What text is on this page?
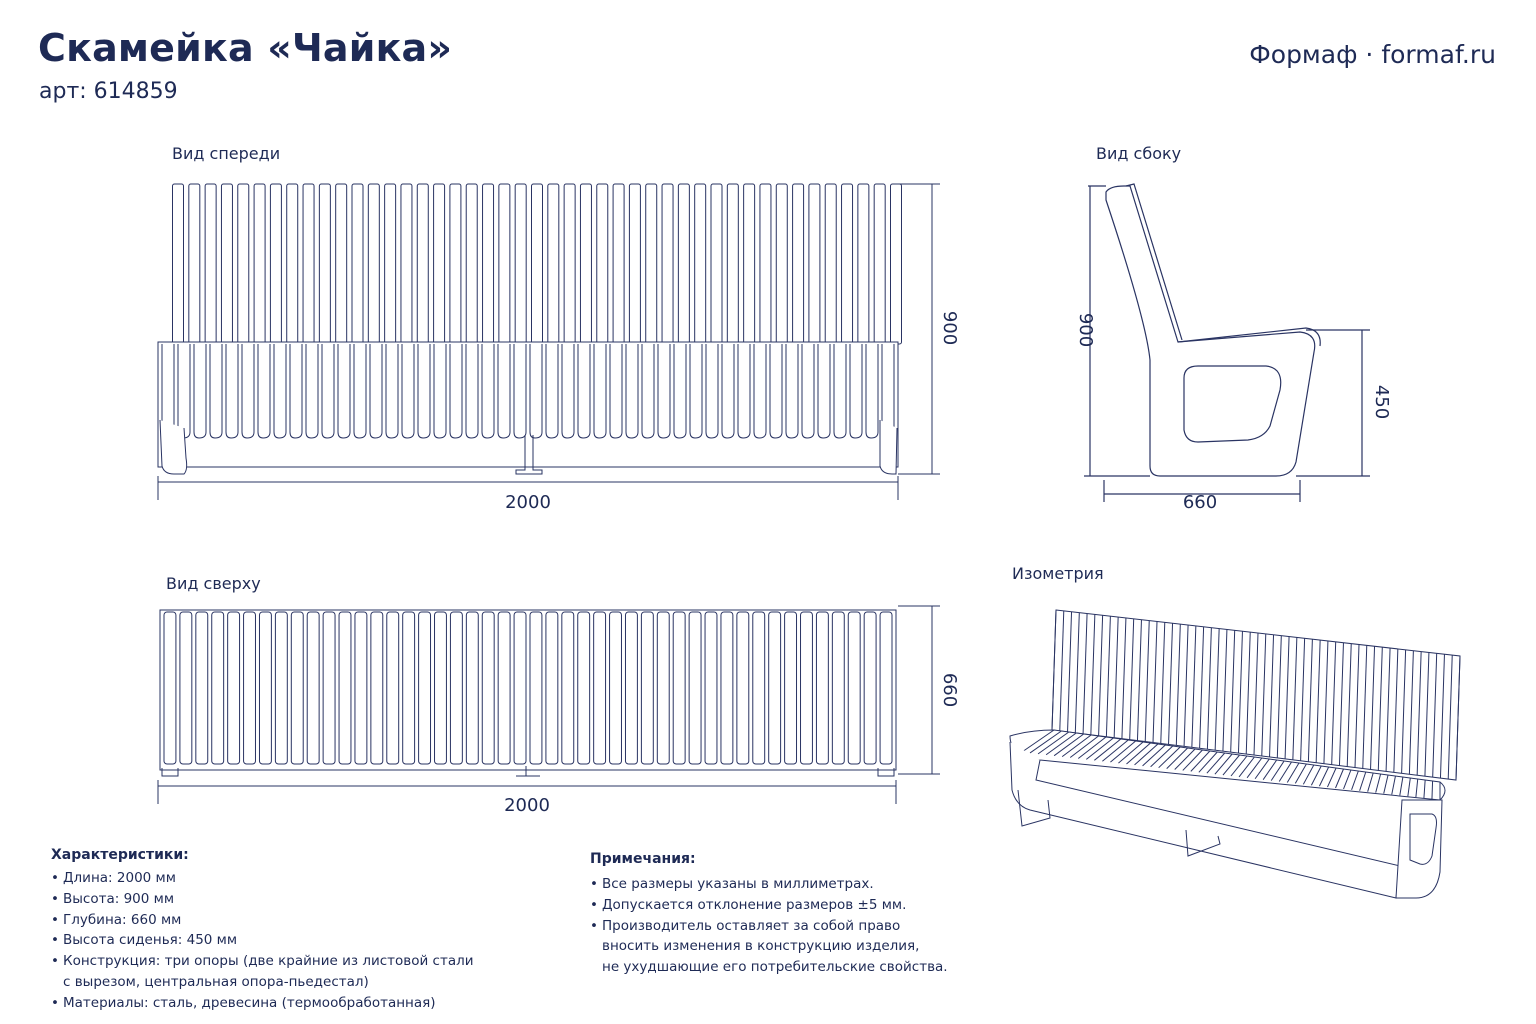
Скамейка «Чайка»
арт: 614859
Формаф · formaf.ru
Вид спереди	Вид сбоку
Вид сверху
Изометрия
2000
900	900
450
660
2000
660
Характеристики:
• Длина: 2000 мм
• Высота: 900 мм
• Глубина: 660 мм
• Высота сиденья: 450 мм
• Конструкция: три опоры (две крайние из листовой стали
с вырезом, центральная опора-пьедестал)
• Материалы: сталь, древесина (термообработанная)
Примечания:
• Все размеры указаны в миллиметрах.
• Допускается отклонение размеров ±5 мм.
• Производитель оставляет за собой право
вносить изменения в конструкцию изделия,
не ухудшающие его потребительские свойства.
